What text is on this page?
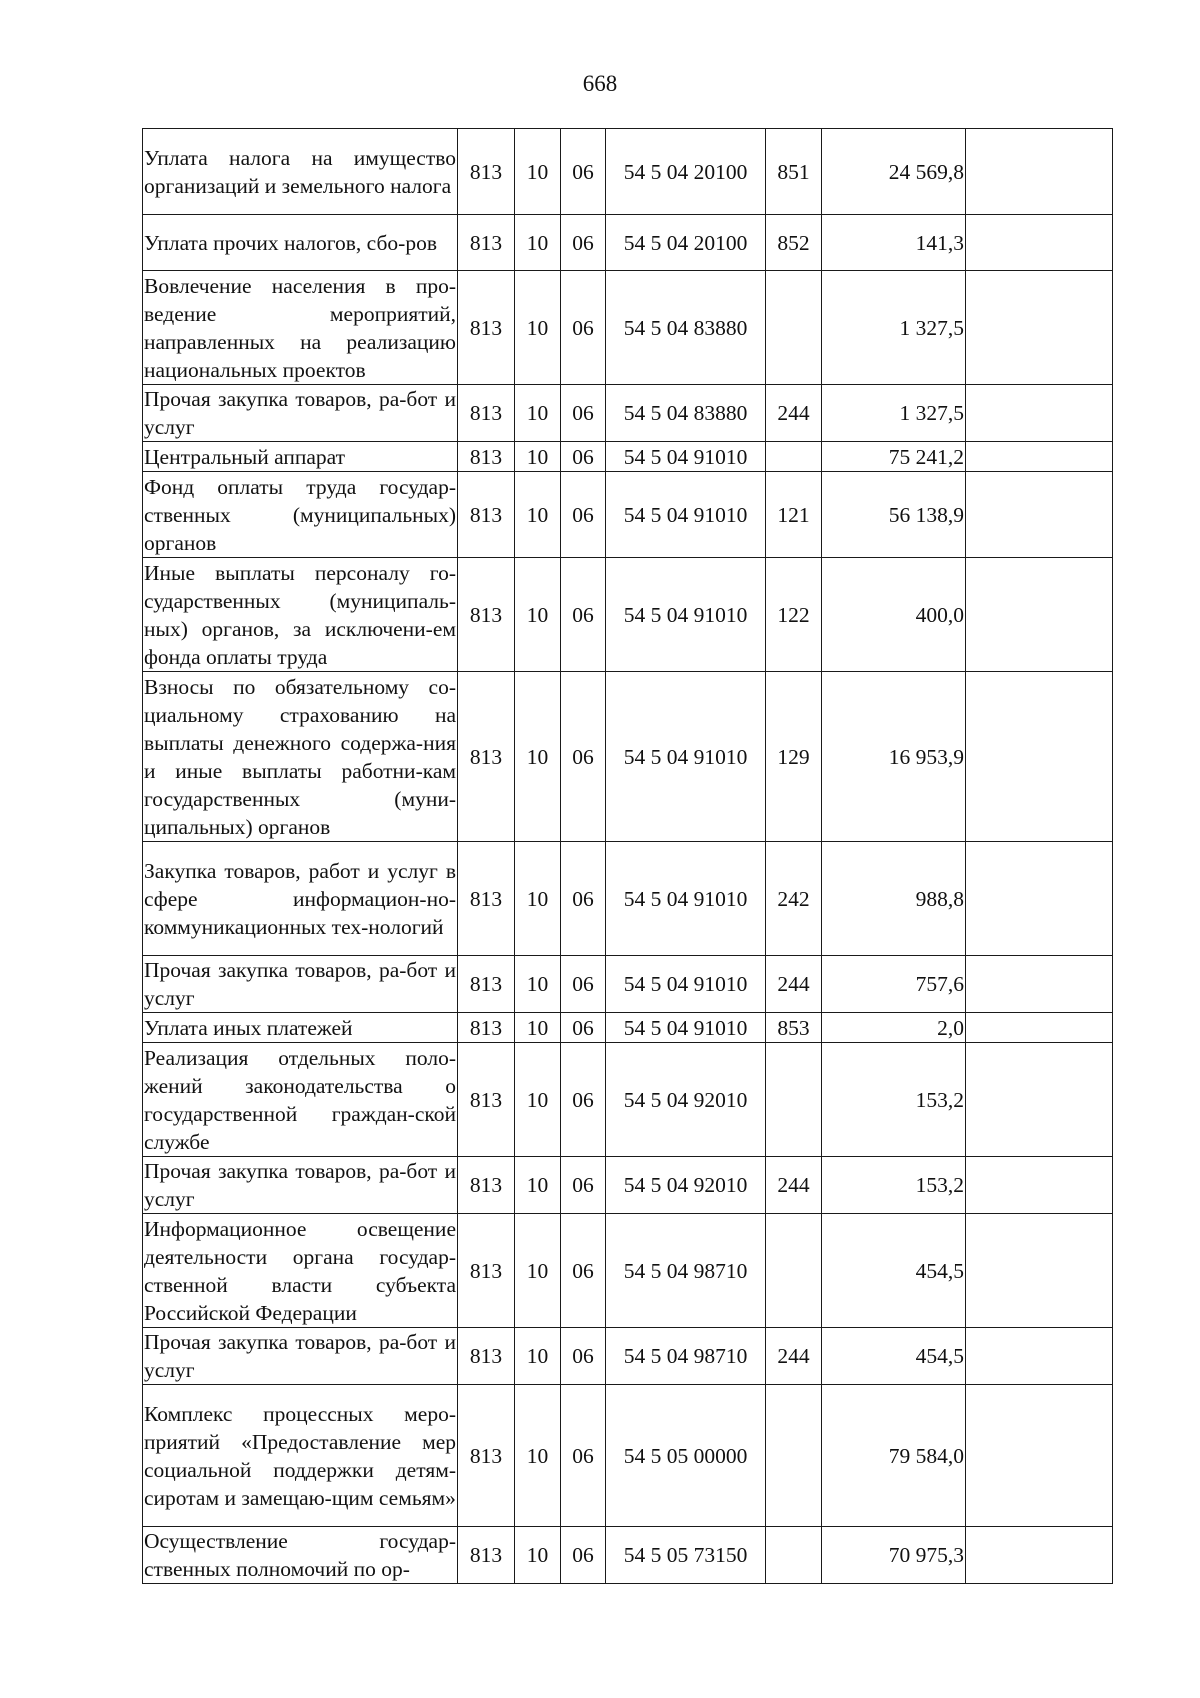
668
Уплата налога на имущество организаций и земельного налога	813	10	06	54 5 04 20100	851	24 569,8	
Уплата прочих налогов, сбо-ров	813	10	06	54 5 04 20100	852	141,3	
Вовлечение населения в про-ведение мероприятий, направленных на реализацию национальных проектов	813	10	06	54 5 04 83880		1 327,5	
Прочая закупка товаров, ра-бот и услуг	813	10	06	54 5 04 83880	244	1 327,5	
Центральный аппарат	813	10	06	54 5 04 91010		75 241,2	
Фонд оплаты труда государ-ственных (муниципальных) органов	813	10	06	54 5 04 91010	121	56 138,9	
Иные выплаты персоналу го-сударственных (муниципаль-ных) органов, за исключени-ем фонда оплаты труда	813	10	06	54 5 04 91010	122	400,0	
Взносы по обязательному со-циальному страхованию на выплаты денежного содержа-ния и иные выплаты работни-кам государственных (муни-ципальных) органов	813	10	06	54 5 04 91010	129	16 953,9	
Закупка товаров, работ и услуг в сфере информацион-но-коммуникационных тех-нологий	813	10	06	54 5 04 91010	242	988,8	
Прочая закупка товаров, ра-бот и услуг	813	10	06	54 5 04 91010	244	757,6	
Уплата иных платежей	813	10	06	54 5 04 91010	853	2,0	
Реализация отдельных поло-жений законодательства о государственной граждан-ской службе	813	10	06	54 5 04 92010		153,2	
Прочая закупка товаров, ра-бот и услуг	813	10	06	54 5 04 92010	244	153,2	
Информационное освещение деятельности органа государ-ственной власти субъекта Российской Федерации	813	10	06	54 5 04 98710		454,5	
Прочая закупка товаров, ра-бот и услуг	813	10	06	54 5 04 98710	244	454,5	
Комплекс процессных меро-приятий «Предоставление мер социальной поддержки детям-сиротам и замещаю-щим семьям»	813	10	06	54 5 05 00000		79 584,0	
Осуществление государ-ственных полномочий по ор-	813	10	06	54 5 05 73150		70 975,3	
